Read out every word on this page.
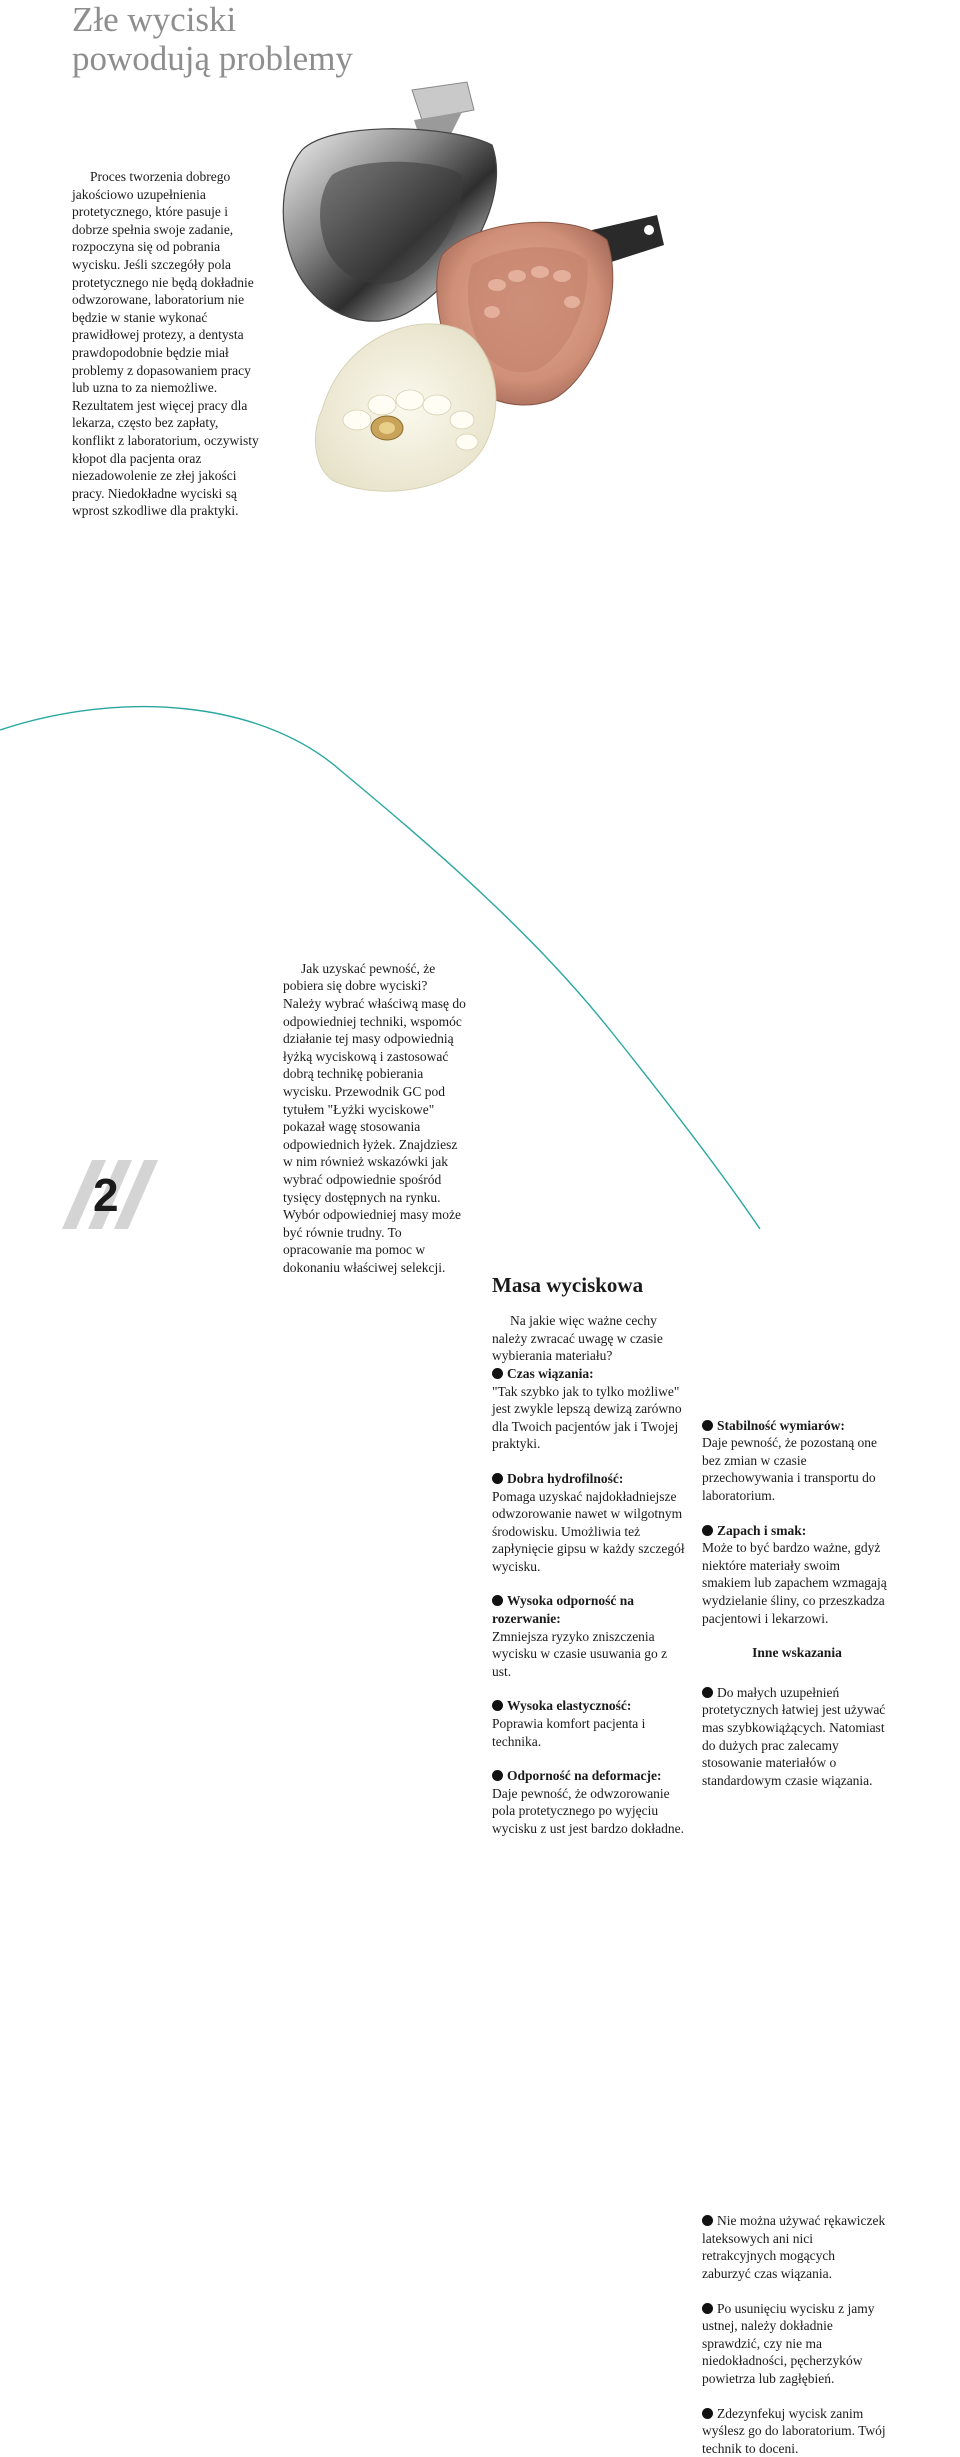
Złe wyciski
powodują problemy

Proces tworzenia dobrego jakościowo uzupełnienia protetycznego, które pasuje i dobrze spełnia swoje zadanie, rozpoczyna się od pobrania wycisku. Jeśli szczegóły pola protetycznego nie będą dokładnie odwzorowane, laboratorium nie będzie w stanie wykonać prawidłowej protezy, a dentysta prawdopodobnie będzie miał problemy z dopasowaniem pracy lub uzna to za niemożliwe. Rezultatem jest więcej pracy dla lekarza, często bez zapłaty, konflikt z laboratorium, oczywisty kłopot dla pacjenta oraz niezadowolenie ze złej jakości pracy. Niedokładne wyciski są wprost szkodliwe dla praktyki.

Jak uzyskać pewność, że pobiera się dobre wyciski? Należy wybrać właściwą masę do odpowiedniej techniki, wspomóc działanie tej masy odpowiednią łyżką wyciskową i zastosować dobrą technikę pobierania wycisku. Przewodnik GC pod tytułem "Łyżki wyciskowe" pokazał wagę stosowania odpowiednich łyżek. Znajdziesz w nim również wskazówki jak wybrać odpowiednie spośród tysięcy dostępnych na rynku. Wybór odpowiedniej masy może być równie trudny. To opracowanie ma pomoc w dokonaniu właściwej selekcji.

Masa wyciskowa

Na jakie więc ważne cechy należy zwracać uwagę w czasie wybierania materiału?

Czas wiązania:
"Tak szybko jak to tylko możliwe" jest zwykle lepszą dewizą zarówno dla Twoich pacjentów jak i Twojej praktyki.
Dobra hydrofilność:
Pomaga uzyskać najdokładniejsze odwzorowanie nawet w wilgotnym środowisku. Umożliwia też zapłynięcie gipsu w każdy szczegół wycisku.
Wysoka odporność na rozerwanie:
Zmniejsza ryzyko zniszczenia wycisku w czasie usuwania go z ust.
Wysoka elastyczność:
Poprawia komfort pacjenta i technika.
Odporność na deformacje:
Daje pewność, że odwzorowanie pola protetycznego po wyjęciu wycisku z ust jest bardzo dokładne.
Stabilność wymiarów:
Daje pewność, że pozostaną one bez zmian w czasie przechowywania i transportu do laboratorium.
Zapach i smak:
Może to być bardzo ważne, gdyż niektóre materiały swoim smakiem lub zapachem wzmagają wydzielanie śliny, co przeszkadza pacjentowi i lekarzowi.
Inne wskazania
Do małych uzupełnień protetycznych łatwiej jest używać mas szybkowiążących. Natomiast do dużych prac zalecamy stosowanie materiałów o standardowym czasie wiązania.
Nie można używać rękawiczek lateksowych ani nici retrakcyjnych mogących zaburzyć czas wiązania.
Po usunięciu wycisku z jamy ustnej, należy dokładnie sprawdzić, czy nie ma niedokładności, pęcherzyków powietrza lub zagłębień.
Zdezynfekuj wycisk zanim wyślesz go do laboratorium. Twój technik to doceni.
2
